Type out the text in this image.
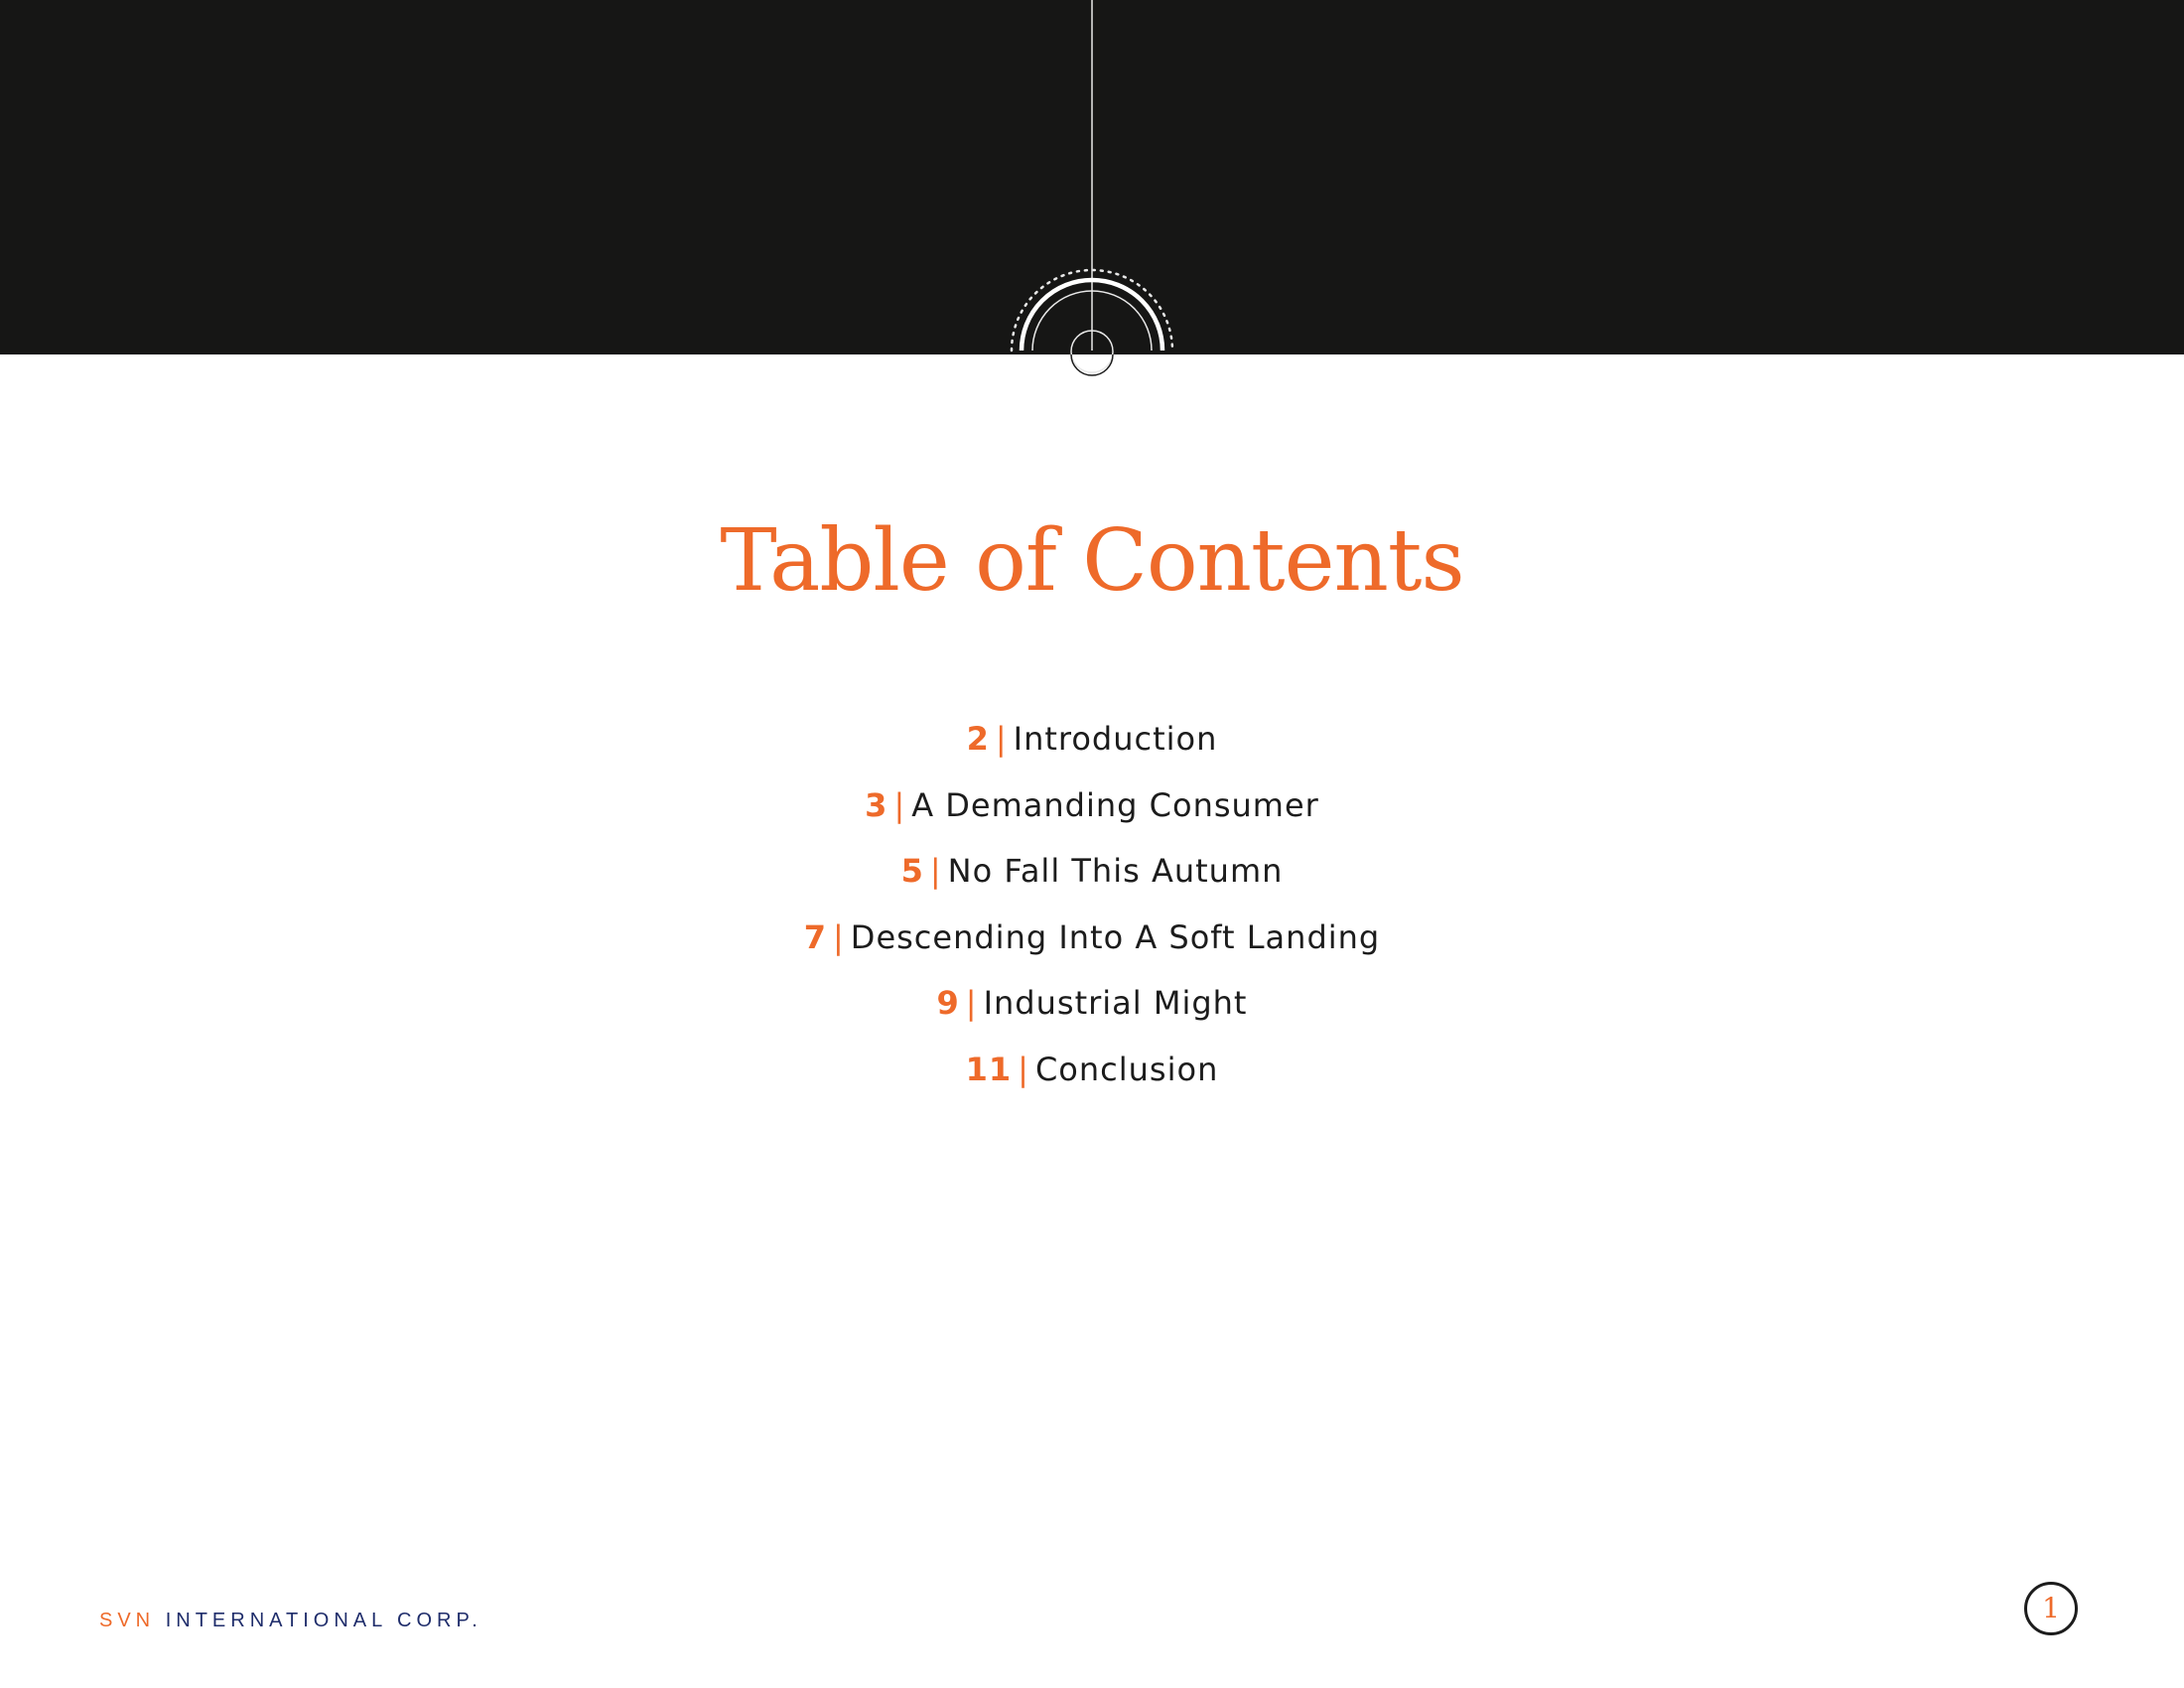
Table of Contents
2 | Introduction
3 | A Demanding Consumer
5 | No Fall This Autumn
7 | Descending Into A Soft Landing
9 | Industrial Might
11 | Conclusion
SVN INTERNATIONAL CORP.	1
